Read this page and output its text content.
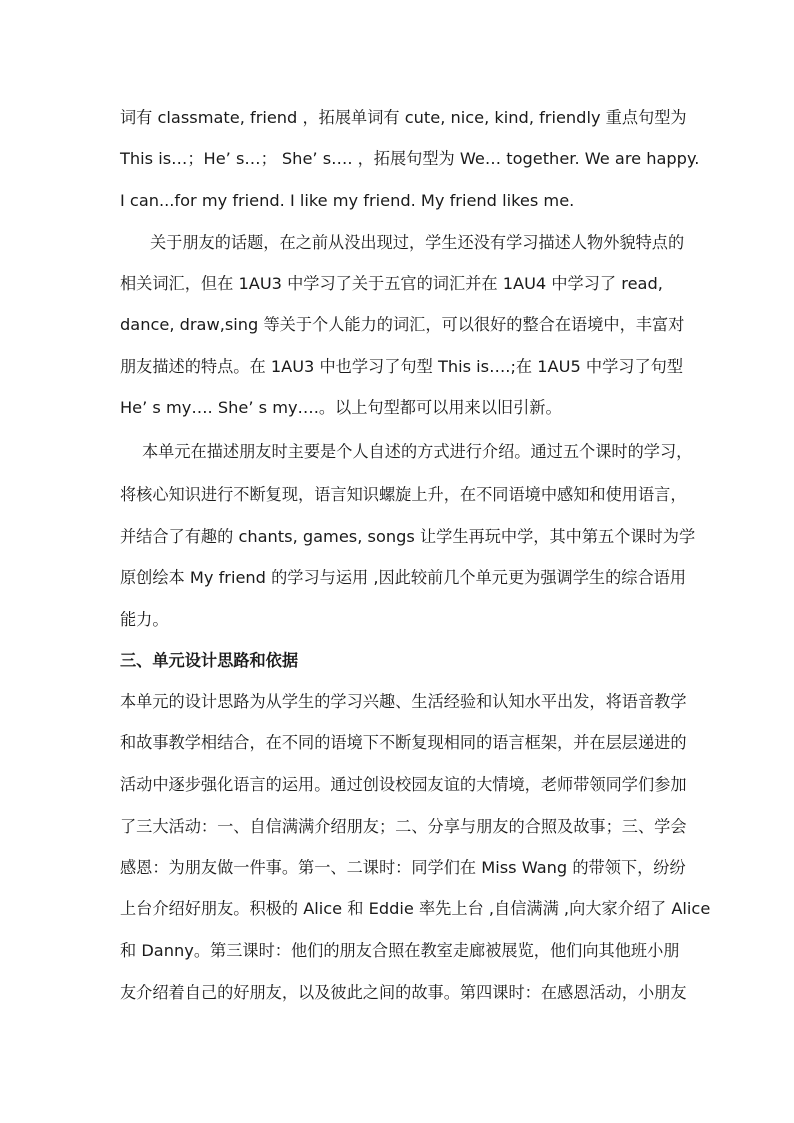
词有 classmate, friend ，拓展单词有 cute, nice, kind, friendly 重点句型为

This is…；He’ s…； She’ s…. ，拓展句型为 We… together. We are happy.

I can...for my friend. I like my friend. My friend likes me.

关于朋友的话题，在之前从没出现过，学生还没有学习描述人物外貌特点的

相关词汇，但在 1AU3 中学习了关于五官的词汇并在 1AU4 中学习了 read,

dance, draw,sing 等关于个人能力的词汇，可以很好的整合在语境中，丰富对

朋友描述的特点。在 1AU3 中也学习了句型 This is….;在 1AU5 中学习了句型

He’ s my…. She’ s my….。以上句型都可以用来以旧引新。

本单元在描述朋友时主要是个人自述的方式进行介绍。通过五个课时的学习，

将核心知识进行不断复现，语言知识螺旋上升，在不同语境中感知和使用语言，

并结合了有趣的 chants, games, songs 让学生再玩中学，其中第五个课时为学

原创绘本 My friend 的学习与运用 ,因此较前几个单元更为强调学生的综合语用

能力。

三、单元设计思路和依据

本单元的设计思路为从学生的学习兴趣、生活经验和认知水平出发，将语音教学

和故事教学相结合，在不同的语境下不断复现相同的语言框架，并在层层递进的

活动中逐步强化语言的运用。通过创设校园友谊的大情境，老师带领同学们参加

了三大活动：一、自信满满介绍朋友；二、分享与朋友的合照及故事；三、学会

感恩：为朋友做一件事。第一、二课时：同学们在 Miss Wang 的带领下，纷纷

上台介绍好朋友。积极的 Alice 和 Eddie 率先上台 ,自信满满 ,向大家介绍了 Alice

和 Danny。第三课时：他们的朋友合照在教室走廊被展览，他们向其他班小朋

友介绍着自己的好朋友，以及彼此之间的故事。第四课时：在感恩活动，小朋友
